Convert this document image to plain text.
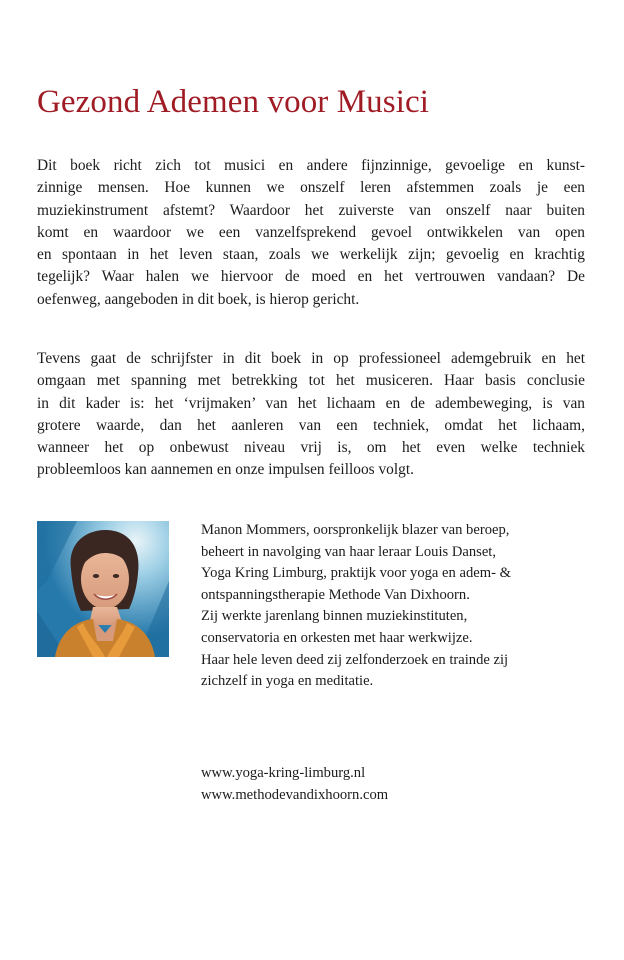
Gezond Ademen voor Musici
Dit boek richt zich tot musici en andere fijnzinnige, gevoelige en kunst-
zinnige mensen. Hoe kunnen we onszelf leren afstemmen zoals je een
muziekinstrument afstemt? Waardoor het zuiverste van onszelf naar buiten
komt en waardoor we een vanzelfsprekend gevoel ontwikkelen van open
en spontaan in het leven staan, zoals we werkelijk zijn; gevoelig en krachtig
tegelijk? Waar halen we hiervoor de moed en het vertrouwen vandaan? De
oefenweg, aangeboden in dit boek, is hierop gericht.
Tevens gaat de schrijfster in dit boek in op professioneel ademgebruik en het
omgaan met spanning met betrekking tot het musiceren. Haar basis conclusie
in dit kader is: het ‘vrijmaken’ van het lichaam en de adembeweging, is van
grotere waarde, dan het aanleren van een techniek, omdat het lichaam,
wanneer het op onbewust niveau vrij is, om het even welke techniek
probleemloos kan aannemen en onze impulsen feilloos volgt.
Manon Mommers, oorspronkelijk blazer van beroep,
beheert in navolging van haar leraar Louis Danset,
Yoga Kring Limburg, praktijk voor yoga en adem- &
ontspanningstherapie Methode Van Dixhoorn.
Zij werkte jarenlang binnen muziekinstituten,
conservatoria en orkesten met haar werkwijze.
Haar hele leven deed zij zelfonderzoek en trainde zij
zichzelf in yoga en meditatie.
www.yoga-kring-limburg.nl
www.methodevandixhoorn.com
